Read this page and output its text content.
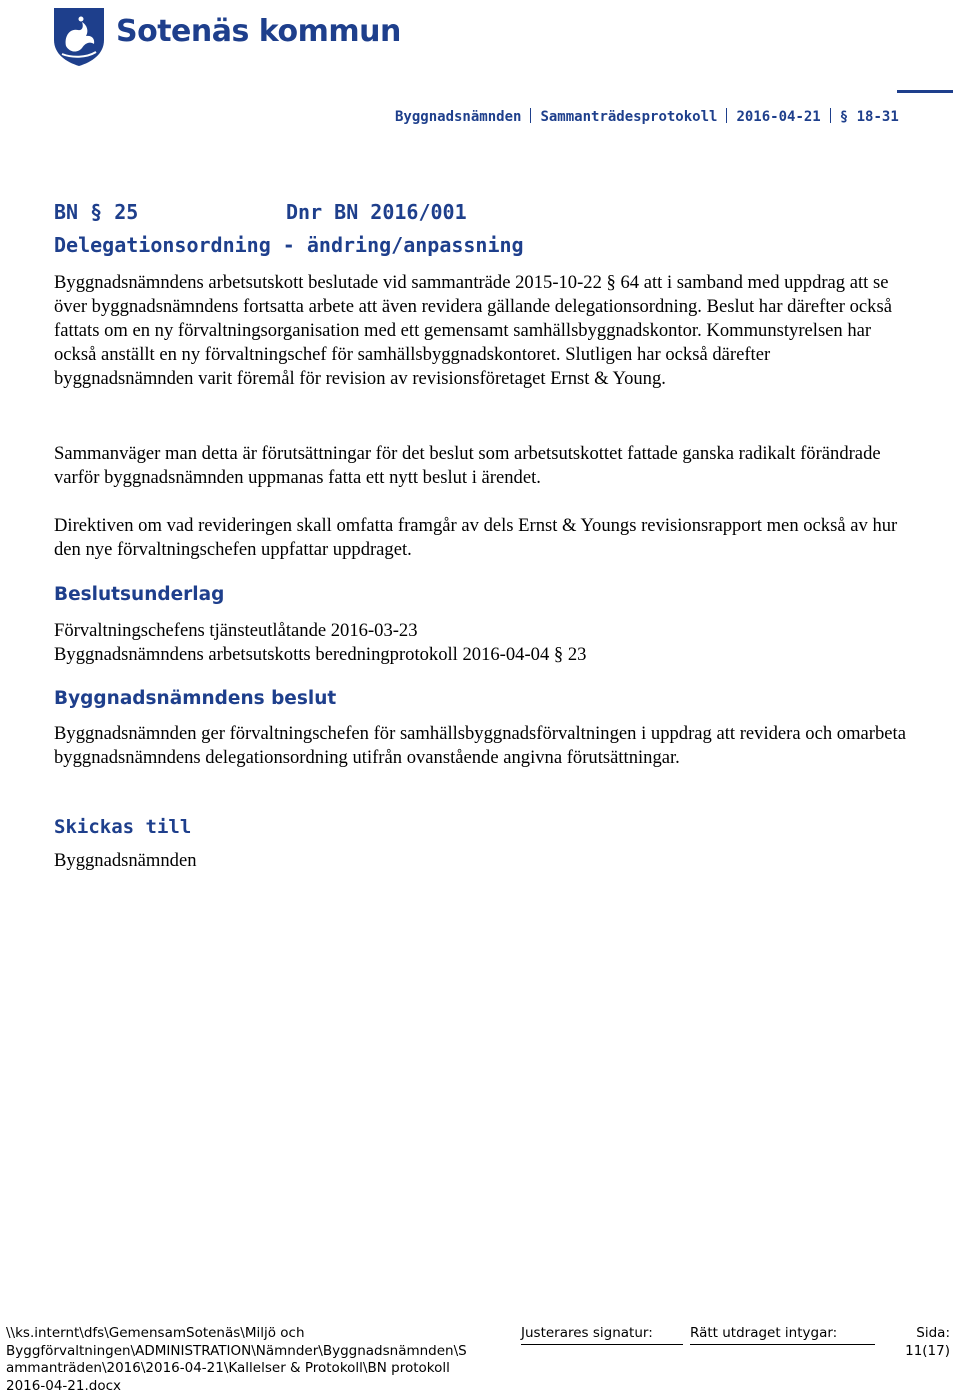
Sotenäs kommun
Byggnadsnämnden Sammanträdesprotokoll 2016-04-21 § 18-31
BN § 25	Dnr BN 2016/001
Delegationsordning - ändring/anpassning
Byggnadsnämndens arbetsutskott beslutade vid sammanträde 2015-10-22 § 64 att i samband med uppdrag att se över byggnadsnämndens fortsatta arbete att även revidera gällande delegationsordning. Beslut har därefter också fattats om en ny förvaltningsorganisation med ett gemensamt samhällsbyggnadskontor. Kommunstyrelsen har också anställt en ny förvaltningschef för samhällsbyggnadskontoret. Slutligen har också därefter byggnadsnämnden varit föremål för revision av revisionsföretaget Ernst & Young.
Sammanväger man detta är förutsättningar för det beslut som arbetsutskottet fattade ganska radikalt förändrade varför byggnadsnämnden uppmanas fatta ett nytt beslut i ärendet.
Direktiven om vad revideringen skall omfatta framgår av dels Ernst & Youngs revisionsrapport men också av hur den nye förvaltningschefen uppfattar uppdraget.
Beslutsunderlag
Förvaltningschefens tjänsteutlåtande 2016-03-23
Byggnadsnämndens arbetsutskotts beredningprotokoll 2016-04-04 § 23
Byggnadsnämndens beslut
Byggnadsnämnden ger förvaltningschefen för samhällsbyggnadsförvaltningen i uppdrag att revidera och omarbeta byggnadsnämndens delegationsordning utifrån ovanstående angivna förutsättningar.
Skickas till
Byggnadsnämnden
\\ks.internt\dfs\GemensamSotenäs\Miljö och
Byggförvaltningen\ADMINISTRATION\Nämnder\Byggnadsnämnden\S
ammanträden\2016\2016-04-21\Kallelser & Protokoll\BN protokoll
2016-04-21.docx
Justerares signatur:	Rätt utdraget intygar:	Sida:
11(17)
